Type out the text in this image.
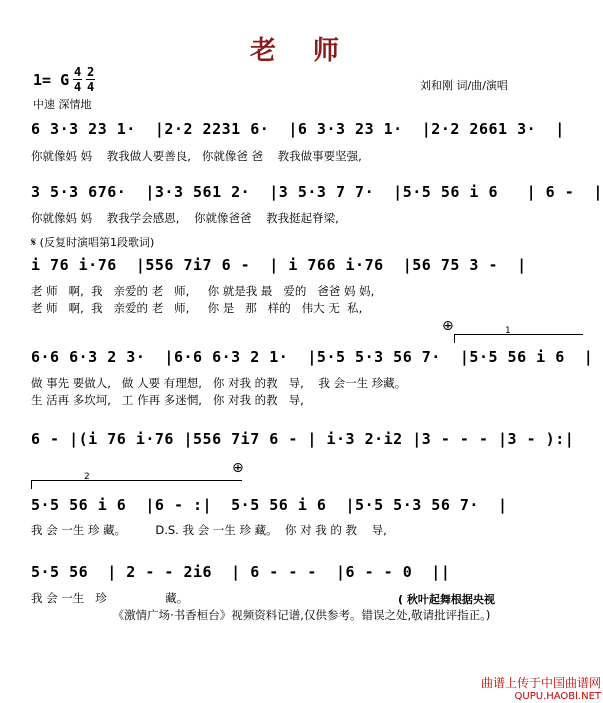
老 师
1= G 4
4
2
4
中速 深情地
刘和刚 词/曲/演唱
6 3·3 23 1·  |2·2 2231 6·  |6 3·3 23 1·  |2·2 2661 3·  |
你就像妈 妈    教我做人要善良,   你就像爸 爸    教我做事要坚强,
3 5·3 676·  |3·3 561 2·  |3 5·3 7 7·  |5·5 56 i 6   | 6 -  |
你就像妈 妈    教我学会感恩,    你就像爸爸    教我挺起脊梁,
𝄋 (反复时演唱第1段歌词)
i 76 i·76  |556 7i7 6 -  | i 766 i·76  |56 75 3 -  |
老 师   啊,  我   亲爱的 老   师,     你 就是我 最   爱的   爸爸 妈 妈,
老 师   啊,  我   亲爱的 老   师,     你 是   那   样的   伟大 无  私,
⊕	1
6·6 6·3 2 3·  |6·6 6·3 2 1·  |5·5 5·3 56 7·  |5·5 56 i 6  |
做 事先 要做人,   做 人要 有理想,   你 对我 的教   导,    我 会一生 珍藏。
生 活再 多坎坷,   工 作再 多迷惘,   你 对我 的教   导,
6 - |(i 76 i·76 |556 7i7 6 - | i·3 2·i2 |3 - - - |3 - ):|
2
⊕
5·5 56 i 6  |6 - :|  5·5 56 i 6  |5·5 5·3 56 7·  |
我 会 一生 珍 藏。        D.S. 我 会 一生 珍 藏。  你 对 我 的 教    导,
5·5 56  | 2 - - 2i6  | 6 - - -  |6 - - 0  ||
我 会 一生   珍                藏。	( 秋叶起舞根据央视
《激情广场·书香桓台》视频资料记谱,仅供参考。错误之处,敬请批评指正。)
曲谱上传于中国曲谱网
QUPU.HAOBl.NET
